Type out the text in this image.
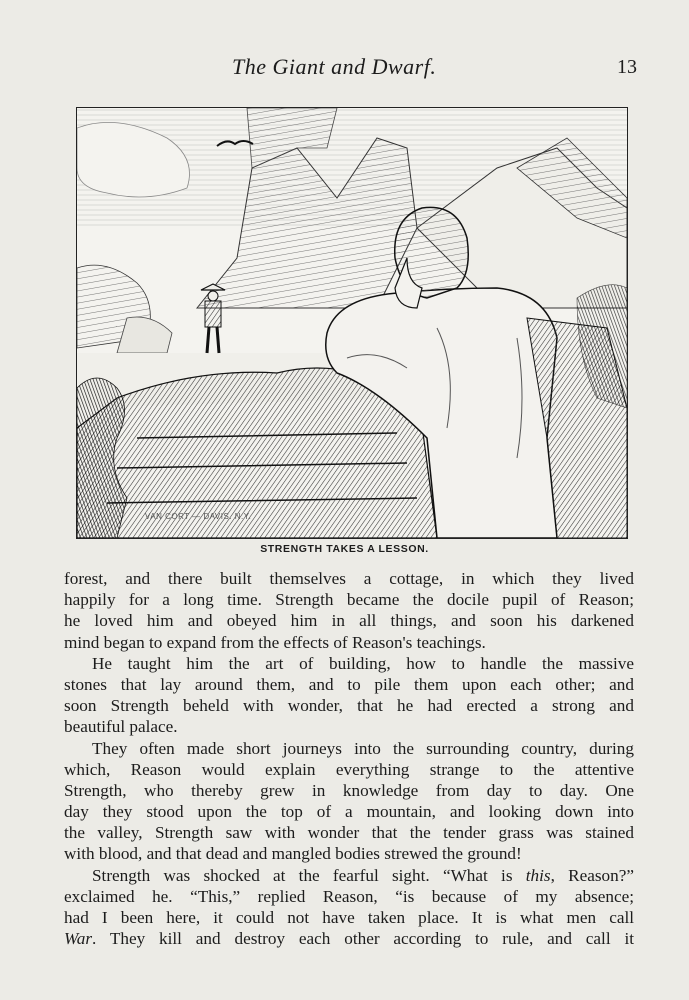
The Giant and Dwarf.	13
VAN CORT — DAVIS. N.Y.
STRENGTH TAKES A LESSON.
forest, and there built themselves a cottage, in which they lived
happily for a long time. Strength became the docile pupil of Reason;
he loved him and obeyed him in all things, and soon his darkened
mind began to expand from the effects of Reason's teachings.
He taught him the art of building, how to handle the massive
stones that lay around them, and to pile them upon each other; and
soon Strength beheld with wonder, that he had erected a strong and
beautiful palace.
They often made short journeys into the surrounding country, during
which, Reason would explain everything strange to the attentive
Strength, who thereby grew in knowledge from day to day. One
day they stood upon the top of a mountain, and looking down into
the valley, Strength saw with wonder that the tender grass was stained
with blood, and that dead and mangled bodies strewed the ground!
Strength was shocked at the fearful sight. “What is this, Reason?”
exclaimed he. “This,” replied Reason, “is because of my absence;
had I been here, it could not have taken place. It is what men call
War. They kill and destroy each other according to rule, and call it
